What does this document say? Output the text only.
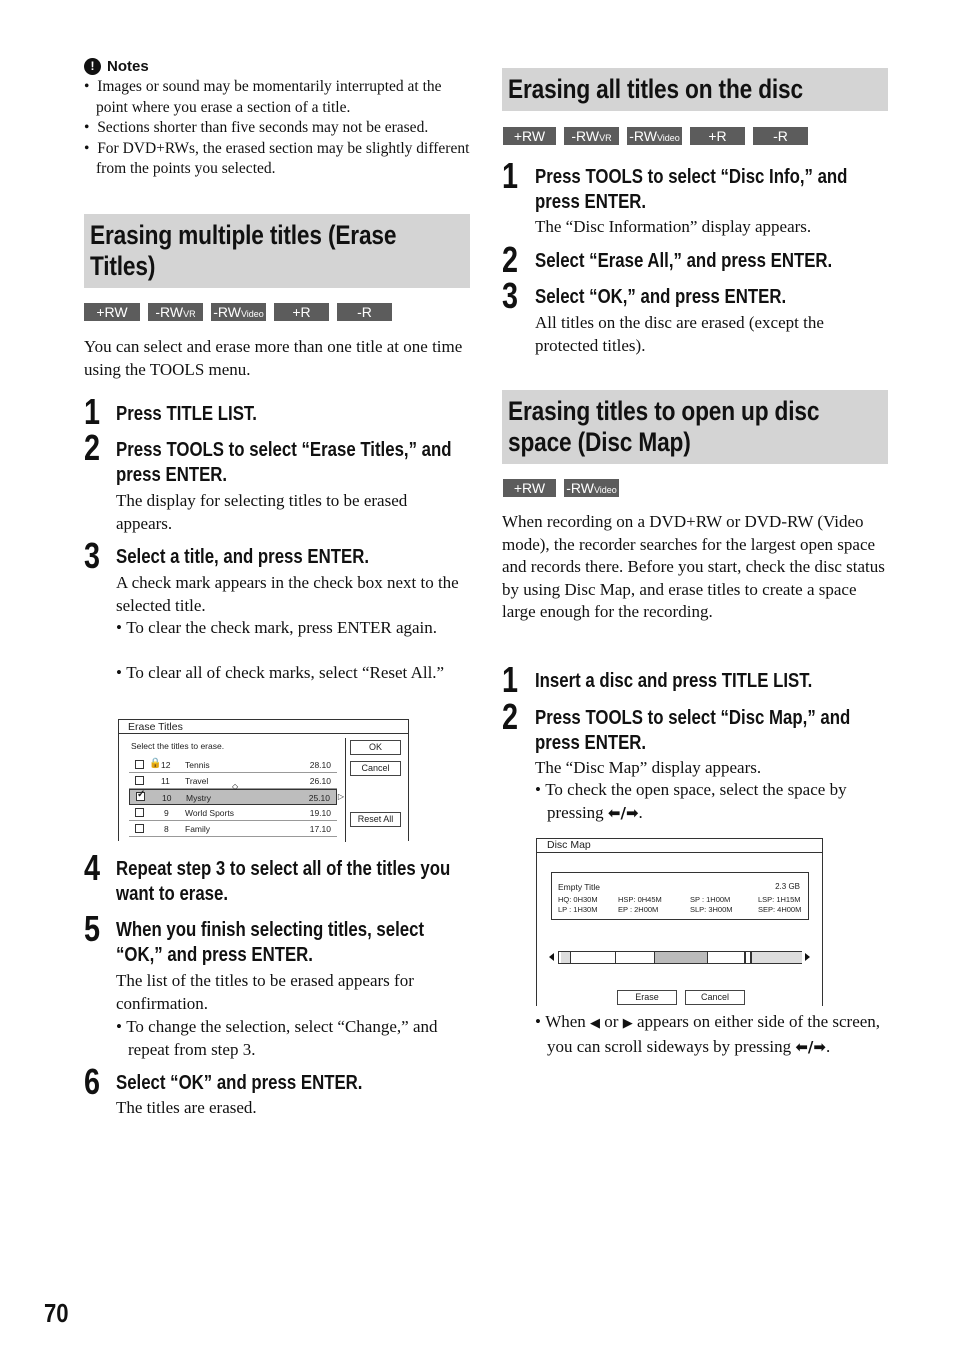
! Notes
•  Images or sound may be momentarily interrupted at the point where you erase a section of a title.
•  Sections shorter than five seconds may not be erased.
•  For DVD+RWs, the erased section may be slightly different from the points you selected.
Erasing multiple titles (Erase Titles)
+RW	-RWVR	-RWVideo	+R	-R
You can select and erase more than one title at one time using the TOOLS menu.
1 Press TITLE LIST.
2 Press TOOLS to select “Erase Titles,” and press ENTER.
The display for selecting titles to be erased appears.
3 Select a title, and press ENTER.
A check mark appears in the check box next to the selected title.
• To clear the check mark, press ENTER again.
• To clear all of check marks, select “Reset All.”
Erase Titles
Select the titles to erase.
🔒 12 Tennis	28.10
11 Travel	26.10
✓ 10 Mystry	25.10
◇
▷
9 World Sports	19.10
8 Family	17.10
OK
Cancel
Reset All
4 Repeat step 3 to select all of the titles you want to erase.
5 When you finish selecting titles, select “OK,” and press ENTER.
The list of the titles to be erased appears for confirmation.
• To change the selection, select “Change,” and repeat from step 3.
6 Select “OK” and press ENTER.
The titles are erased.
Erasing all titles on the disc
+RW	-RWVR	-RWVideo	+R	-R
1 Press TOOLS to select “Disc Info,” and
press ENTER.
The “Disc Information” display appears.
2 Select “Erase All,” and press ENTER.
3 Select “OK,” and press ENTER.
All titles on the disc are erased (except the protected titles).
Erasing titles to open up disc space (Disc Map)
+RW	-RWVideo
When recording on a DVD+RW or DVD-RW (Video mode), the recorder searches for the largest open space and records there. Before you start, check the disc status by using Disc Map, and erase titles to create a space large enough for the recording.
1 Insert a disc and press TITLE LIST.
2 Press TOOLS to select “Disc Map,” and press ENTER.
The “Disc Map” display appears.
• To check the open space, select the space by pressing ⬅/➡.
Disc Map
Empty Title	2.3 GB
HQ: 0H30M	HSP: 0H45M	SP : 1H00M	LSP: 1H15M
LP : 1H30M	EP : 2H00M	SLP: 3H00M	SEP: 4H00M
Erase	Cancel
• When ◀ or ▶ appears on either side of the screen, you can scroll sideways by pressing ⬅/➡.
70
